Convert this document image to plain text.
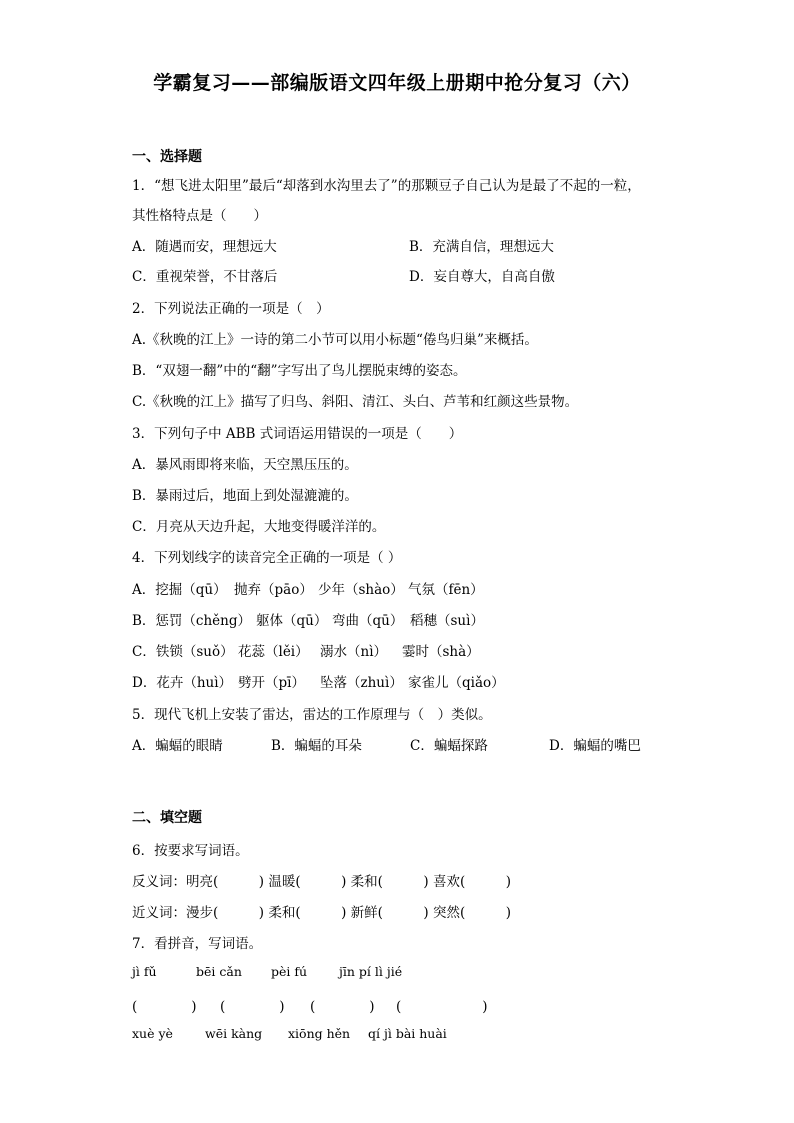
学霸复习——部编版语文四年级上册期中抢分复习（六）
一、选择题
1．“想飞进太阳里”最后“却落到水沟里去了”的那颗豆子自己认为是最了不起的一粒，
其性格特点是（　　）
A．随遇而安，理想远大	B．充满自信，理想远大
C．重视荣誉，不甘落后	D．妄自尊大，自高自傲
2．下列说法正确的一项是（　）
A.《秋晚的江上》一诗的第二小节可以用小标题“倦鸟归巢”来概括。
B．“双翅一翻”中的“翻”字写出了鸟儿摆脱束缚的姿态。
C.《秋晚的江上》描写了归鸟、斜阳、清江、头白、芦苇和红颜这些景物。
3．下列句子中 ABB 式词语运用错误的一项是（　　）
A．暴风雨即将来临，天空黑压压的。
B．暴雨过后，地面上到处湿漉漉的。
C．月亮从天边升起，大地变得暖洋洋的。
4．下列划线字的读音完全正确的一项是（ ）
A．挖掘（qū） 抛弃（pāo） 少年（shào） 气氛（fēn）
B．惩罚（chěng） 躯体（qū） 弯曲（qū） 稻穗（suì）
C．铁锁（suǒ） 花蕊（lěi） 溺水（nì） 霎时（shà）
D．花卉（huì） 劈开（pī） 坠落（zhuì） 家雀儿（qiǎo）
5．现代飞机上安装了雷达，雷达的工作原理与（　）类似。
A．蝙蝠的眼睛	B．蝙蝠的耳朵	C．蝙蝠探路	D．蝙蝠的嘴巴
二、填空题
6．按要求写词语。
反义词：明亮(　　　) 温暖(　　　) 柔和(　　　) 喜欢(　　　)
近义词：漫步(　　　) 柔和(　　　) 新鲜(　　　) 突然(　　　)
7．看拼音，写词语。
jì fǔ	bēi cǎn pèi fú	jīn pí lì jié
(　　　　) (　　　　) (　　　　) (　　　　　　)
xuè yè	wēi kàng xiōng hěn qí jì bài huài
